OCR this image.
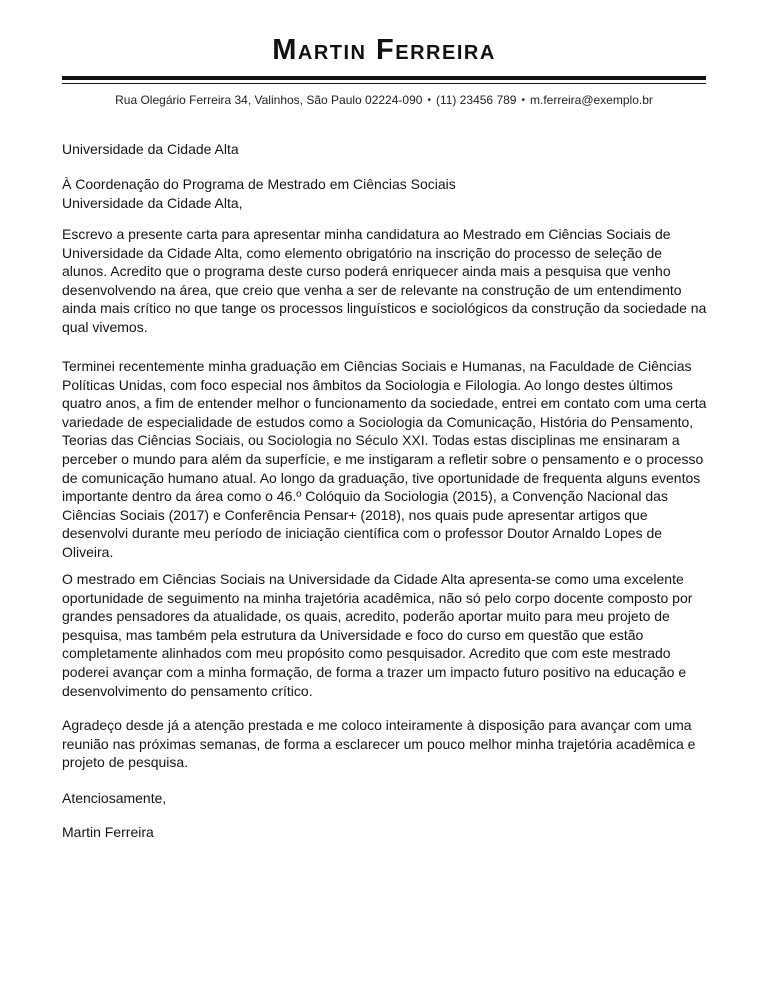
Martin Ferreira
Rua Olegário Ferreira 34, Valinhos, São Paulo 02224-090 • (11) 23456 789 • m.ferreira@exemplo.br

Universidade da Cidade Alta

À Coordenação do Programa de Mestrado em Ciências Sociais

Universidade da Cidade Alta,

Escrevo a presente carta para apresentar minha candidatura ao Mestrado em Ciências Sociais de Universidade da Cidade Alta, como elemento obrigatório na inscrição do processo de seleção de alunos. Acredito que o programa deste curso poderá enriquecer ainda mais a pesquisa que venho desenvolvendo na área, que creio que venha a ser de relevante na construção de um entendimento ainda mais crítico no que tange os processos linguísticos e sociológicos da construção da sociedade na qual vivemos.

Terminei recentemente minha graduação em Ciências Sociais e Humanas, na Faculdade de Ciências Políticas Unidas, com foco especial nos âmbitos da Sociologia e Filologia. Ao longo destes últimos quatro anos, a fim de entender melhor o funcionamento da sociedade, entrei em contato com uma certa variedade de especialidade de estudos como a Sociologia da Comunicação, História do Pensamento, Teorias das Ciências Sociais, ou Sociologia no Século XXI. Todas estas disciplinas me ensinaram a perceber o mundo para além da superfície, e me instigaram a refletir sobre o pensamento e o processo de comunicação humano atual. Ao longo da graduação, tive oportunidade de frequenta alguns eventos importante dentro da área como o 46.º Colóquio da Sociologia (2015), a Convenção Nacional das Ciências Sociais (2017) e Conferência Pensar+ (2018), nos quais pude apresentar artigos que desenvolvi durante meu período de iniciação científica com o professor Doutor Arnaldo Lopes de Oliveira.

O mestrado em Ciências Sociais na Universidade da Cidade Alta apresenta-se como uma excelente oportunidade de seguimento na minha trajetória acadêmica, não só pelo corpo docente composto por grandes pensadores da atualidade, os quais, acredito, poderão aportar muito para meu projeto de pesquisa, mas também pela estrutura da Universidade e foco do curso em questão que estão completamente alinhados com meu propósito como pesquisador. Acredito que com este mestrado poderei avançar com a minha formação, de forma a trazer um impacto futuro positivo na educação e desenvolvimento do pensamento crítico.

Agradeço desde já a atenção prestada e me coloco inteiramente à disposição para avançar com uma reunião nas próximas semanas, de forma a esclarecer um pouco melhor minha trajetória acadêmica e projeto de pesquisa.

Atenciosamente,

Martin Ferreira
